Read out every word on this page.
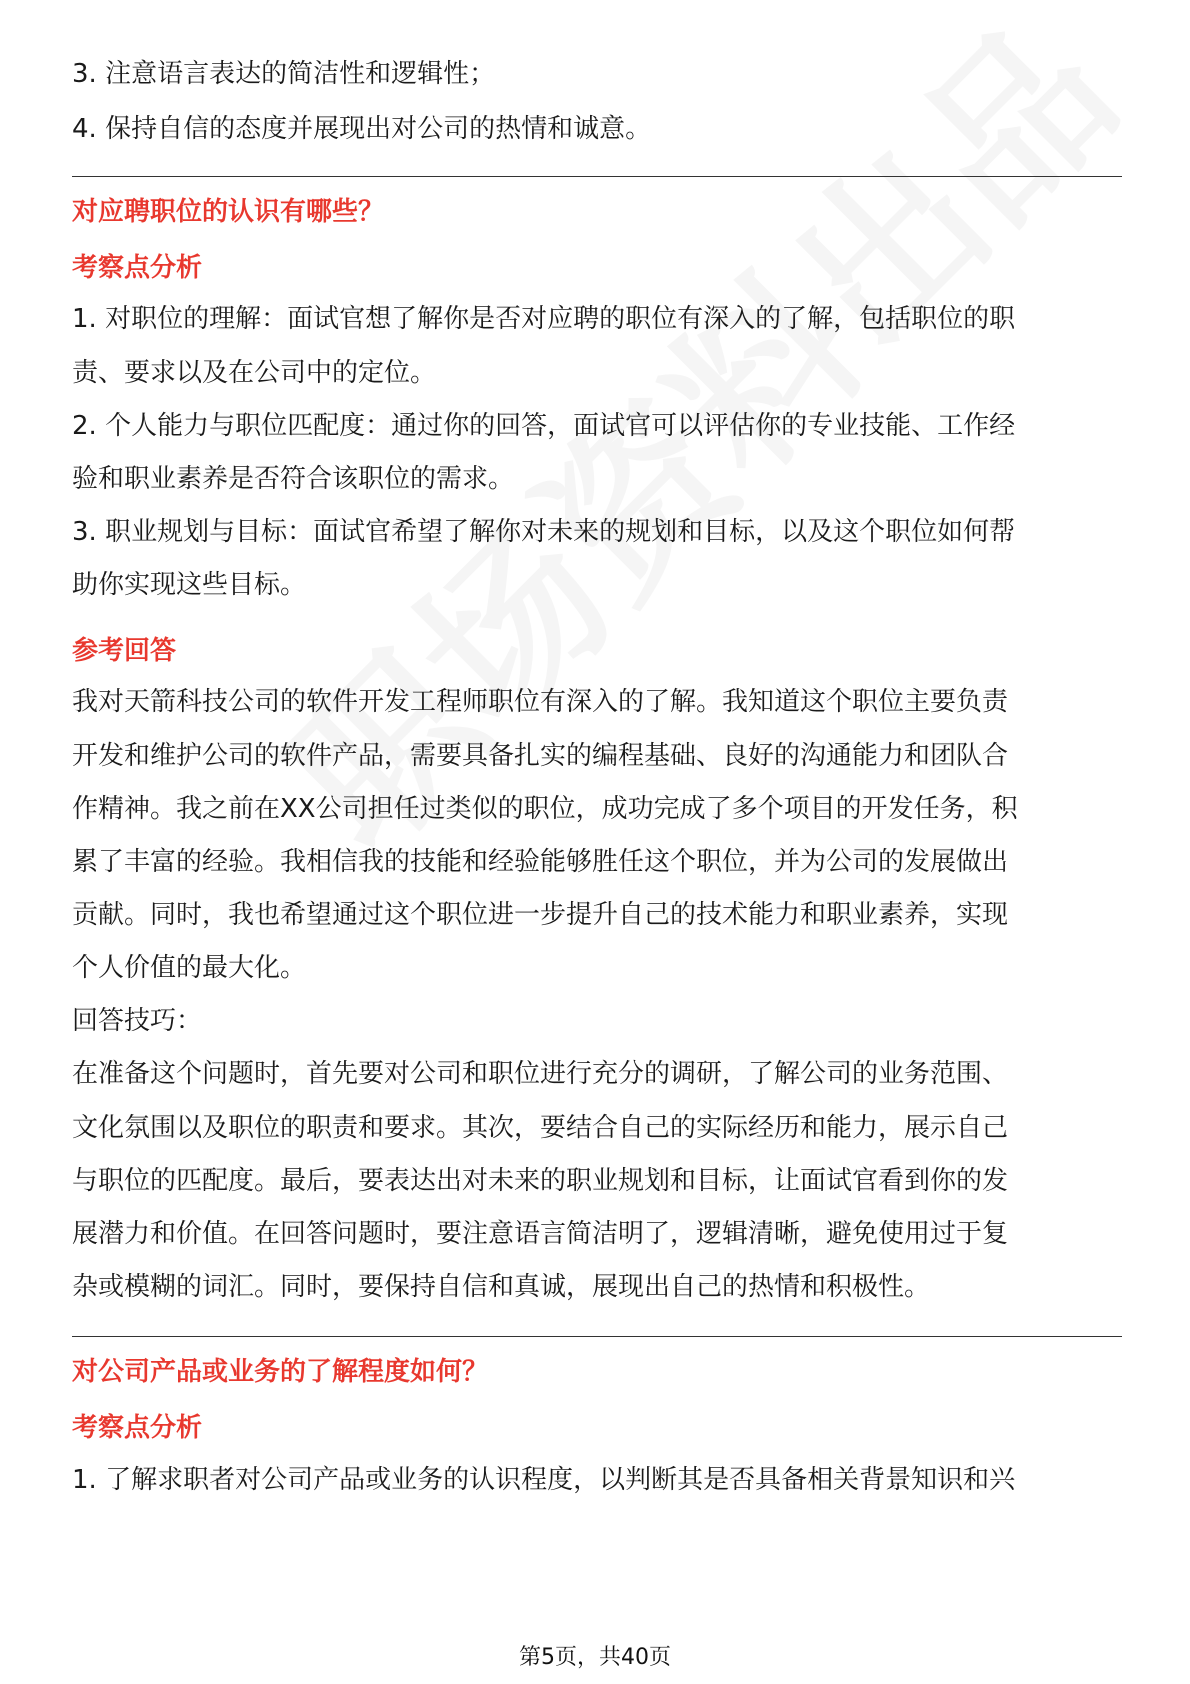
3. 注意语言表达的简洁性和逻辑性；
4. 保持自信的态度并展现出对公司的热情和诚意。
对应聘职位的认识有哪些？
考察点分析
1. 对职位的理解：面试官想了解你是否对应聘的职位有深入的了解，包括职位的职
责、要求以及在公司中的定位。
2. 个人能力与职位匹配度：通过你的回答，面试官可以评估你的专业技能、工作经
验和职业素养是否符合该职位的需求。
3. 职业规划与目标：面试官希望了解你对未来的规划和目标，以及这个职位如何帮
助你实现这些目标。
参考回答
我对天箭科技公司的软件开发工程师职位有深入的了解。我知道这个职位主要负责
开发和维护公司的软件产品，需要具备扎实的编程基础、良好的沟通能力和团队合
作精神。我之前在XX公司担任过类似的职位，成功完成了多个项目的开发任务，积
累了丰富的经验。我相信我的技能和经验能够胜任这个职位，并为公司的发展做出
贡献。同时，我也希望通过这个职位进一步提升自己的技术能力和职业素养，实现
个人价值的最大化。
回答技巧：
在准备这个问题时，首先要对公司和职位进行充分的调研，了解公司的业务范围、
文化氛围以及职位的职责和要求。其次，要结合自己的实际经历和能力，展示自己
与职位的匹配度。最后，要表达出对未来的职业规划和目标，让面试官看到你的发
展潜力和价值。在回答问题时，要注意语言简洁明了，逻辑清晰，避免使用过于复
杂或模糊的词汇。同时，要保持自信和真诚，展现出自己的热情和积极性。
对公司产品或业务的了解程度如何？
考察点分析
1. 了解求职者对公司产品或业务的认识程度，以判断其是否具备相关背景知识和兴
第5页，共40页
